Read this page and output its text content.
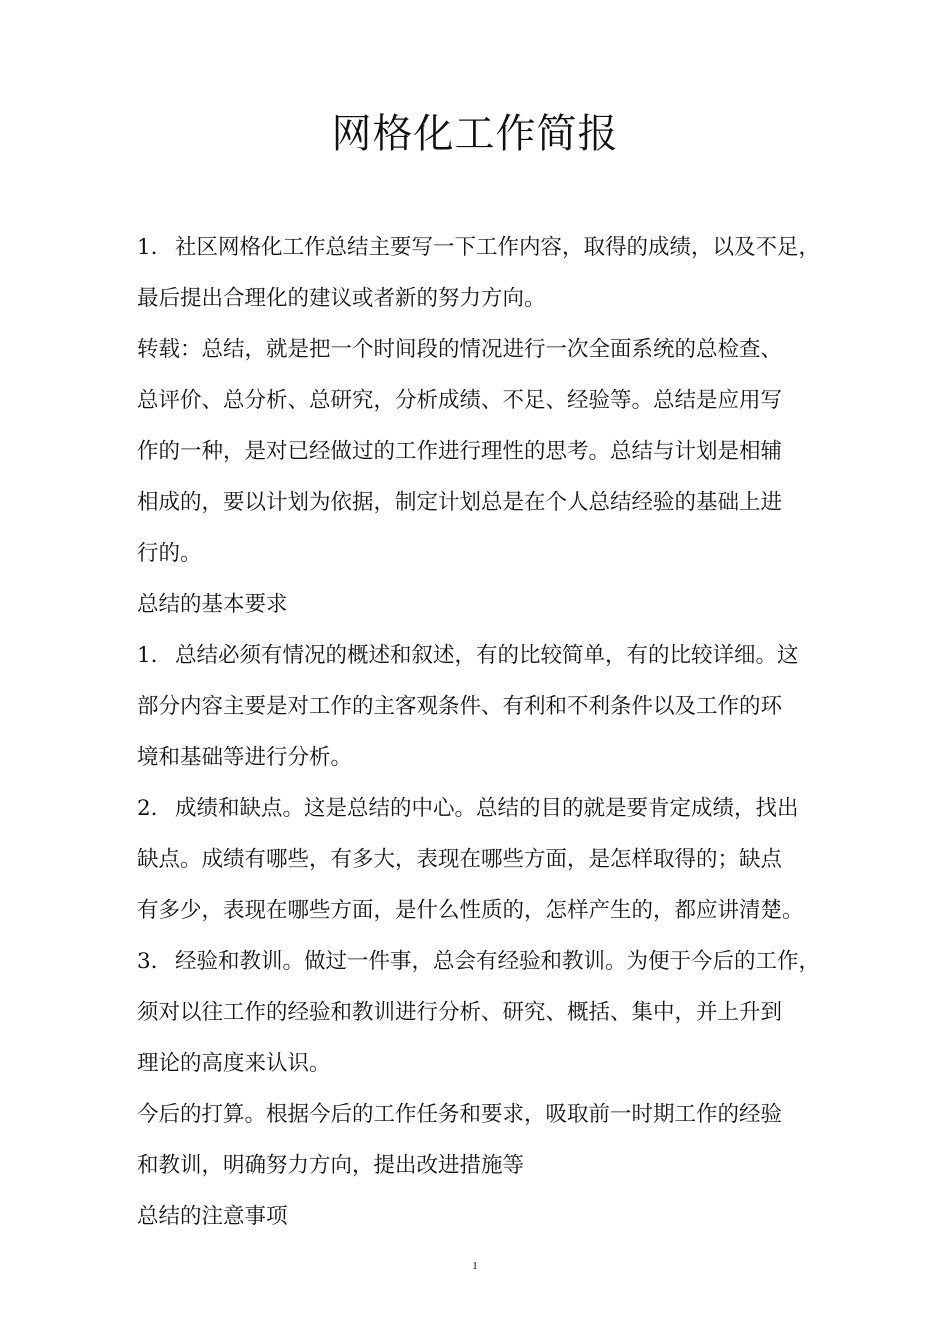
网格化工作简报
1. 社区网格化工作总结主要写一下工作内容，取得的成绩，以及不足，
最后提出合理化的建议或者新的努力方向。
转载：总结，就是把一个时间段的情况进行一次全面系统的总检查、
总评价、总分析、总研究，分析成绩、不足、经验等。总结是应用写
作的一种，是对已经做过的工作进行理性的思考。总结与计划是相辅
相成的，要以计划为依据，制定计划总是在个人总结经验的基础上进
行的。
总结的基本要求
1. 总结必须有情况的概述和叙述，有的比较简单，有的比较详细。这
部分内容主要是对工作的主客观条件、有利和不利条件以及工作的环
境和基础等进行分析。
2. 成绩和缺点。这是总结的中心。总结的目的就是要肯定成绩，找出
缺点。成绩有哪些，有多大，表现在哪些方面，是怎样取得的；缺点
有多少，表现在哪些方面，是什么性质的，怎样产生的，都应讲清楚。
3. 经验和教训。做过一件事，总会有经验和教训。为便于今后的工作，
须对以往工作的经验和教训进行分析、研究、概括、集中，并上升到
理论的高度来认识。
今后的打算。根据今后的工作任务和要求，吸取前一时期工作的经验
和教训，明确努力方向，提出改进措施等
总结的注意事项
1
